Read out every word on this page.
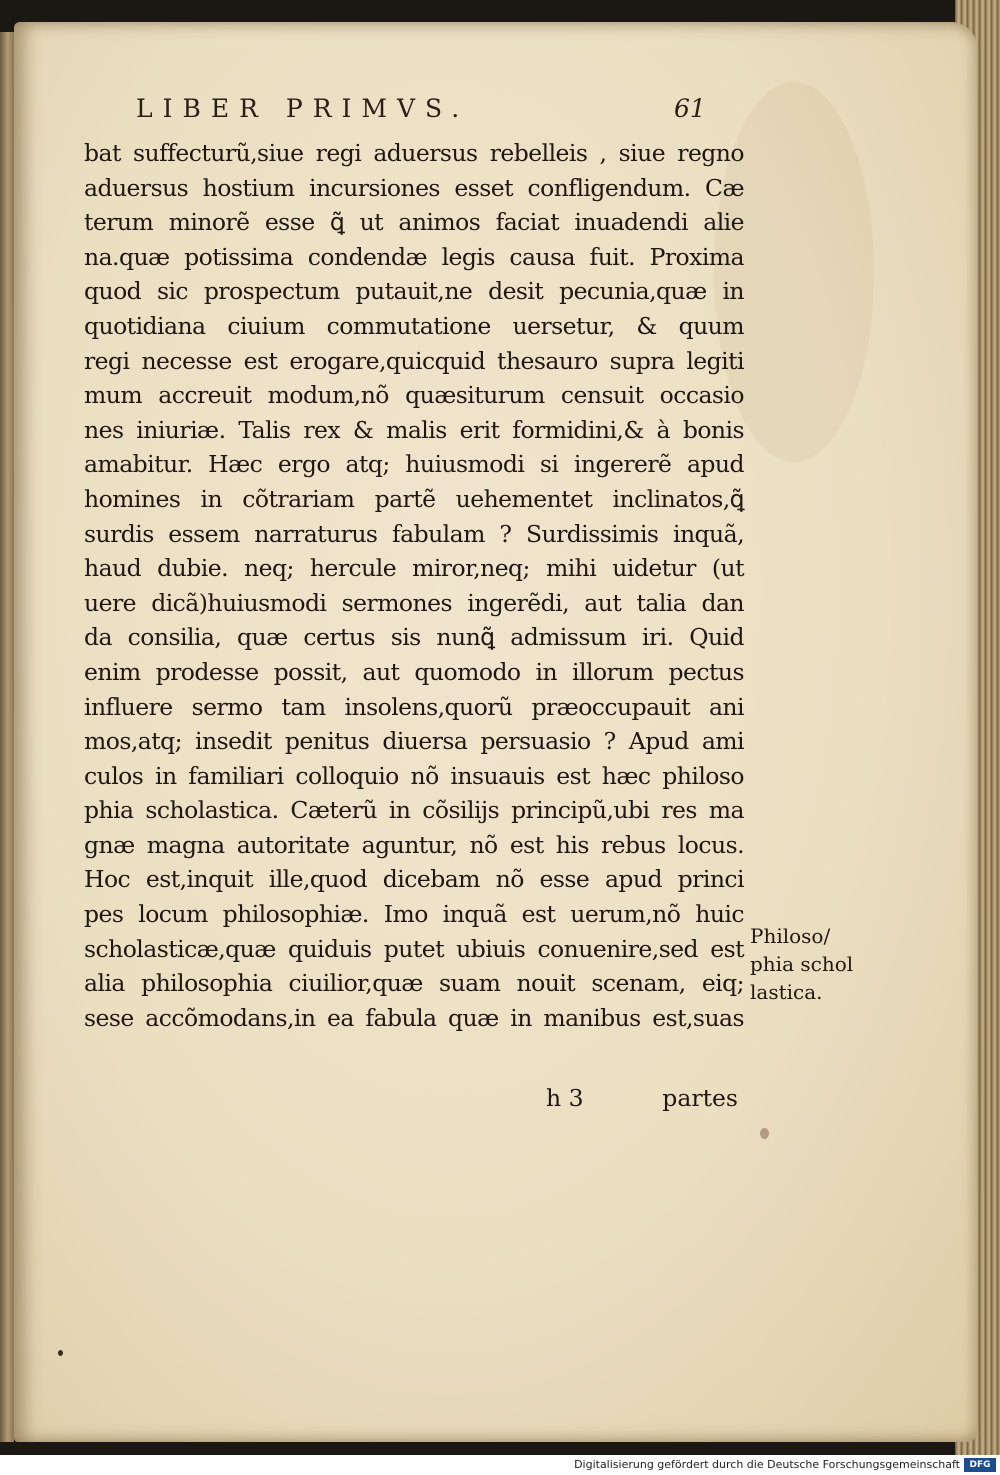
LIBER PRIMVS.	61
bat suffecturũ,siue regi aduersus rebelleis , siue regno
aduersus hostium incursiones esset confligendum. Cæ
terum minorẽ esse ꝗ͂ ut animos faciat inuadendi alie
na.quæ potissima condendæ legis causa fuit. Proxima
quod sic prospectum putauit,ne desit pecunia,quæ in
quotidiana ciuium commutatione uersetur, & quum
regi necesse est erogare,quicquid thesauro supra legiti
mum accreuit modum,nõ quæsiturum censuit occasio
nes iniuriæ. Talis rex & malis erit formidini,& à bonis
amabitur. Hæc ergo atq; huiusmodi si ingererẽ apud
homines in cõtrariam partẽ uehementet inclinatos,ꝗ͂
surdis essem narraturus fabulam ? Surdissimis inquã,
haud dubie. neq; hercule miror,neq; mihi uidetur (ut
uere dicã)huiusmodi sermones ingerẽdi, aut talia dan
da consilia, quæ certus sis nunꝗ͂ admissum iri. Quid
enim prodesse possit, aut quomodo in illorum pectus
influere sermo tam insolens,quorũ præoccupauit ani
mos,atq; insedit penitus diuersa persuasio ? Apud ami
culos in familiari colloquio nõ insuauis est hæc philoso
phia scholastica. Cæterũ in cõsilijs principũ,ubi res ma
gnæ magna autoritate aguntur, nõ est his rebus locus.
Hoc est,inquit ille,quod dicebam nõ esse apud princi
pes locum philosophiæ. Imo inquã est uerum,nõ huic
scholasticæ,quæ quiduis putet ubiuis conuenire,sed est
alia philosophia ciuilior,quæ suam nouit scenam, eiq;
sese accõmodans,in ea fabula quæ in manibus est,suas
h 3	partes
Philoso/
phia schol
lastica.
Digitalisierung gefördert durch die Deutsche Forschungsgemeinschaft	DFG
